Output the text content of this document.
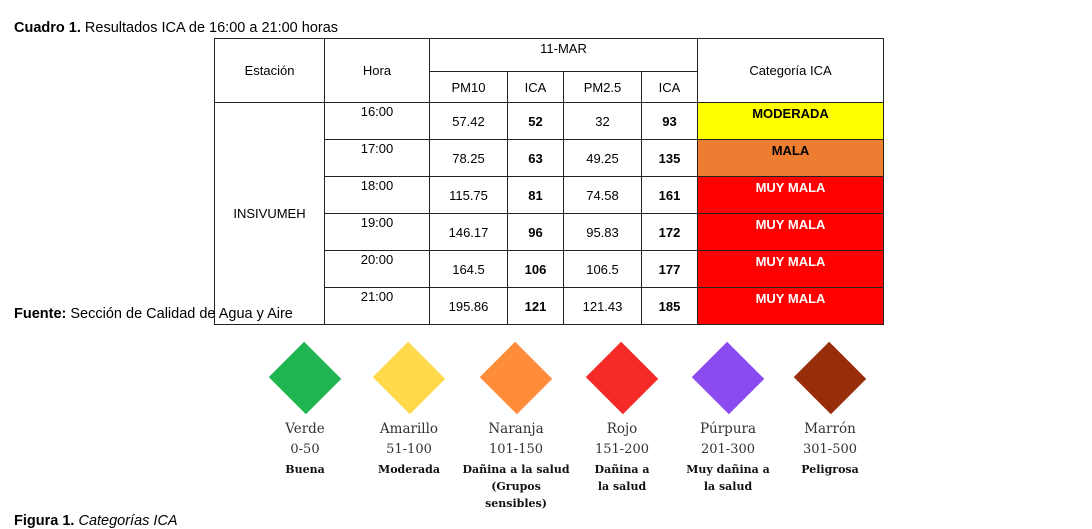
Cuadro 1. Resultados ICA de 16:00 a 21:00 horas
Estación	Hora	11-MAR				Categoría ICA
		PM10	ICA	PM2.5	ICA	
INSIVUMEH	16:00	57.42	52	32	93	MODERADA
	17:00	78.25	63	49.25	135	MALA
	18:00	115.75	81	74.58	161	MUY MALA
	19:00	146.17	96	95.83	172	MUY MALA
	20:00	164.5	106	106.5	177	MUY MALA
	21:00	195.86	121	121.43	185	MUY MALA
Fuente: Sección de Calidad de Agua y Aire
Verde
0-50
Buena
Amarillo
51-100
Moderada
Naranja
101-150
Dañina a la salud (Grupos sensibles)
Rojo
151-200
Dañina a la salud
Púrpura
201-300
Muy dañina a la salud
Marrón
301-500
Peligrosa
Figura 1. Categorías ICA
